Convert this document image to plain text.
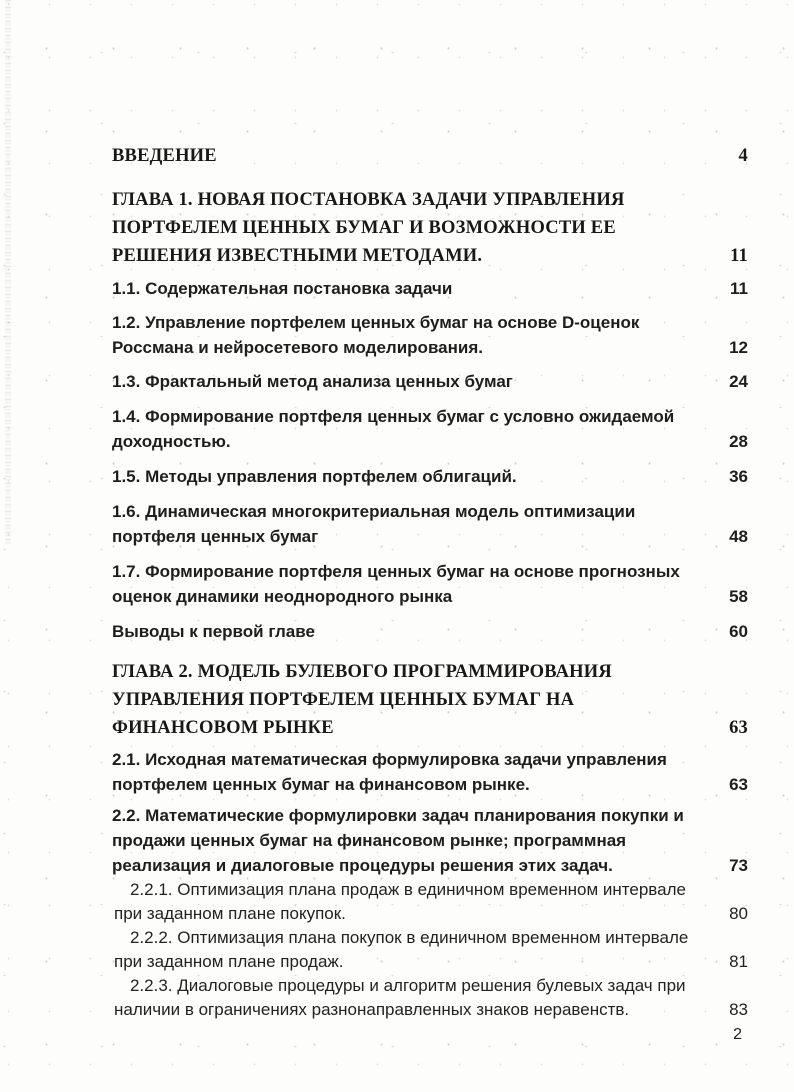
ВВЕДЕНИЕ	4
ГЛАВА 1. НОВАЯ ПОСТАНОВКА ЗАДАЧИ УПРАВЛЕНИЯ ПОРТФЕЛЕМ ЦЕННЫХ БУМАГ И ВОЗМОЖНОСТИ ЕЕ РЕШЕНИЯ ИЗВЕСТНЫМИ МЕТОДАМИ.	11
1.1. Содержательная постановка задачи	11
1.2. Управление портфелем ценных бумаг на основе D-оценок Россмана и нейросетевого моделирования.	12
1.3. Фрактальный метод анализа ценных бумаг	24
1.4. Формирование портфеля ценных бумаг с условно ожидаемой доходностью.	28
1.5. Методы управления портфелем облигаций.	36
1.6. Динамическая многокритериальная модель оптимизации портфеля ценных бумаг	48
1.7. Формирование портфеля ценных бумаг на основе прогнозных оценок динамики неоднородного рынка	58
Выводы к первой главе	60
ГЛАВА 2. МОДЕЛЬ БУЛЕВОГО ПРОГРАММИРОВАНИЯ УПРАВЛЕНИЯ ПОРТФЕЛЕМ ЦЕННЫХ БУМАГ НА ФИНАНСОВОМ РЫНКЕ	63
2.1. Исходная математическая формулировка задачи управления портфелем ценных бумаг на финансовом рынке.	63
2.2. Математические формулировки задач планирования покупки и продажи ценных бумаг на финансовом рынке; программная реализация и диалоговые процедуры решения этих задач.	73
2.2.1. Оптимизация плана продаж в единичном временном интервале при заданном плане покупок.	80
2.2.2. Оптимизация плана покупок в единичном временном интервале при заданном плане продаж.	81
2.2.3. Диалоговые процедуры и алгоритм решения булевых задач при наличии в ограничениях разнонаправленных знаков неравенств.	83
2
